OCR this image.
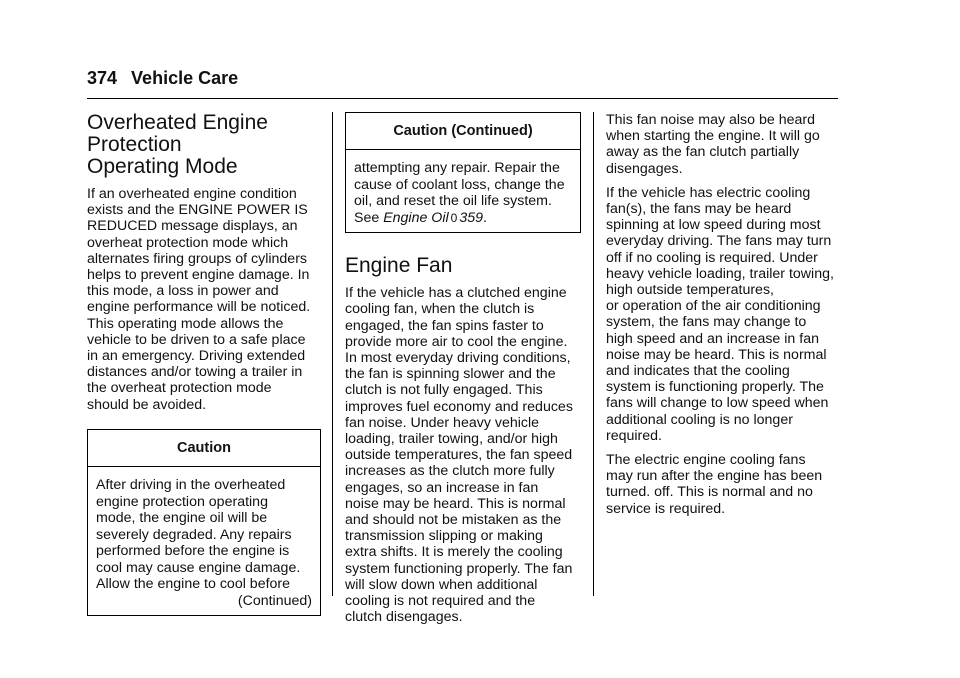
374 Vehicle Care
Overheated Engine
Protection
Operating Mode

If an overheated engine condition
exists and the ENGINE POWER IS
REDUCED message displays, an
overheat protection mode which
alternates firing groups of cylinders
helps to prevent engine damage. In
this mode, a loss in power and
engine performance will be noticed.
This operating mode allows the
vehicle to be driven to a safe place
in an emergency. Driving extended
distances and/or towing a trailer in
the overheat protection mode
should be avoided.

Caution
After driving in the overheated
engine protection operating
mode, the engine oil will be
severely degraded. Any repairs
performed before the engine is
cool may cause engine damage.
Allow the engine to cool before
(Continued)
Caution (Continued)
attempting any repair. Repair the
cause of coolant loss, change the
oil, and reset the oil life system.
See Engine Oil 0 359.
Engine Fan

If the vehicle has a clutched engine
cooling fan, when the clutch is
engaged, the fan spins faster to
provide more air to cool the engine.
In most everyday driving conditions,
the fan is spinning slower and the
clutch is not fully engaged. This
improves fuel economy and reduces
fan noise. Under heavy vehicle
loading, trailer towing, and/or high
outside temperatures, the fan speed
increases as the clutch more fully
engages, so an increase in fan
noise may be heard. This is normal
and should not be mistaken as the
transmission slipping or making
extra shifts. It is merely the cooling
system functioning properly. The fan
will slow down when additional
cooling is not required and the
clutch disengages.

This fan noise may also be heard
when starting the engine. It will go
away as the fan clutch partially
disengages.

If the vehicle has electric cooling
fan(s), the fans may be heard
spinning at low speed during most
everyday driving. The fans may turn
off if no cooling is required. Under
heavy vehicle loading, trailer towing,
high outside temperatures,
or operation of the air conditioning
system, the fans may change to
high speed and an increase in fan
noise may be heard. This is normal
and indicates that the cooling
system is functioning properly. The
fans will change to low speed when
additional cooling is no longer
required.

The electric engine cooling fans
may run after the engine has been
turned. off. This is normal and no
service is required.
